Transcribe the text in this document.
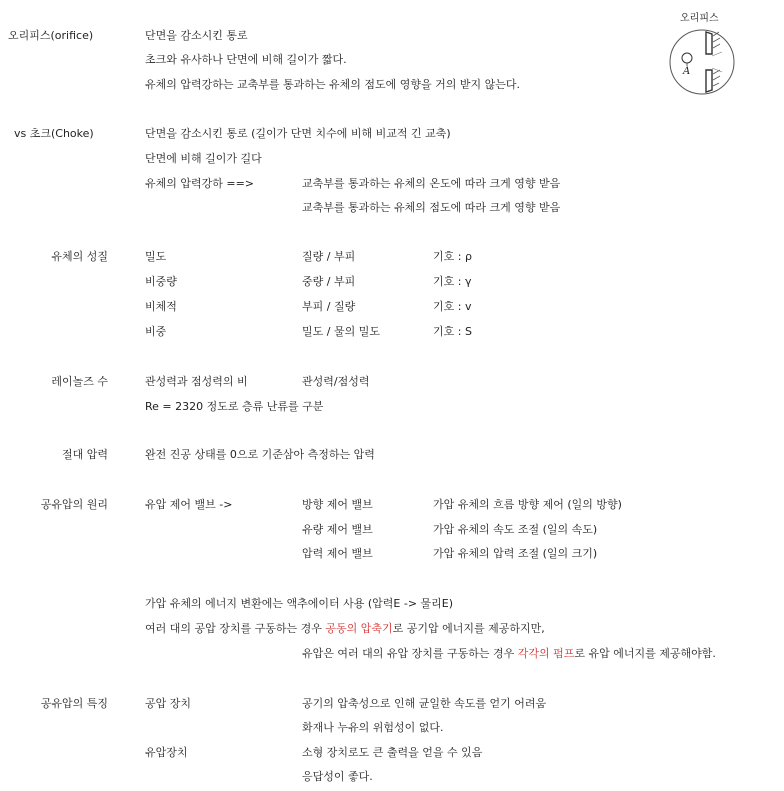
오리피스(orifice)	단면을 감소시킨 통로
초크와 유사하나 단면에 비해 길이가 짧다.
유체의 압력강하는 교축부를 통과하는 유체의 점도에 영향을 거의 받지 않는다.
오리피스
A
vs 초크(Choke)	단면을 감소시킨 통로 (길이가 단면 치수에 비해 비교적 긴 교축)
단면에 비해 길이가 길다
유체의 압력강하 ==>	교축부를 통과하는 유체의 온도에 따라 크게 영향 받음
교축부를 통과하는 유체의 점도에 따라 크게 영향 받음
유체의 성질	밀도	질량 / 부피	기호 : ρ
비중량	중량 / 부피	기호 : γ
비체적	부피 / 질량	기호 : v
비중	밀도 / 물의 밀도	기호 : S
레이놀즈 수	관성력과 점성력의 비	관성력/점성력
Re = 2320 정도로 층류 난류를 구분
절대 압력	완전 진공 상태를 0으로 기준삼아 측정하는 압력
공유압의 원리	유압 제어 밸브 ->	방향 제어 밸브	가압 유체의 흐름 방향 제어 (일의 방향)
유량 제어 밸브	가압 유체의 속도 조절 (일의 속도)
압력 제어 밸브	가압 유체의 압력 조절 (일의 크기)
가압 유체의 에너지 변환에는 액추에이터 사용 (압력E -> 물리E)
여러 대의 공압 장치를 구동하는 경우 공동의 압축기로 공기압 에너지를 제공하지만,
유압은 여러 대의 유압 장치를 구동하는 경우 각각의 펌프로 유압 에너지를 제공해야함.
공유압의 특징	공압 장치	공기의 압축성으로 인해 균일한 속도를 얻기 어려움
화재나 누유의 위험성이 없다.
유압장치	소형 장치로도 큰 출력을 얻을 수 있음
응답성이 좋다.
